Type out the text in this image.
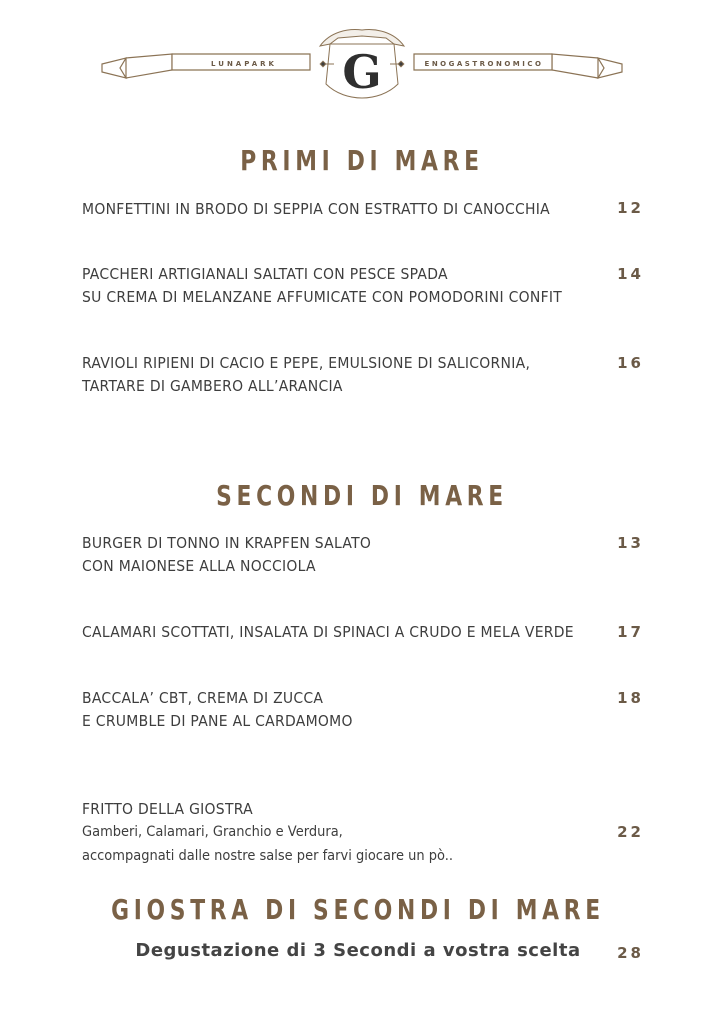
LUNAPARK	ENOGASTRONOMICO
G
PRIMI DI MARE
MONFETTINI IN BRODO DI SEPPIA CON ESTRATTO DI CANOCCHIA	12
PACCHERI ARTIGIANALI SALTATI CON PESCE SPADA
SU CREMA DI MELANZANE AFFUMICATE CON POMODORINI CONFIT
14
RAVIOLI RIPIENI DI CACIO E PEPE, EMULSIONE DI SALICORNIA,
TARTARE DI GAMBERO ALL’ARANCIA
16
SECONDI DI MARE
BURGER DI TONNO IN KRAPFEN SALATO
CON MAIONESE ALLA NOCCIOLA
13
CALAMARI SCOTTATI, INSALATA DI SPINACI A CRUDO E MELA VERDE	17
BACCALA’ CBT, CREMA DI ZUCCA
E CRUMBLE DI PANE AL CARDAMOMO
18
FRITTO DELLA GIOSTRA
Gamberi, Calamari, Granchio e Verdura,
accompagnati dalle nostre salse per farvi giocare un pò..
22
GIOSTRA DI SECONDI DI MARE
Degustazione di 3 Secondi a vostra scelta	28
